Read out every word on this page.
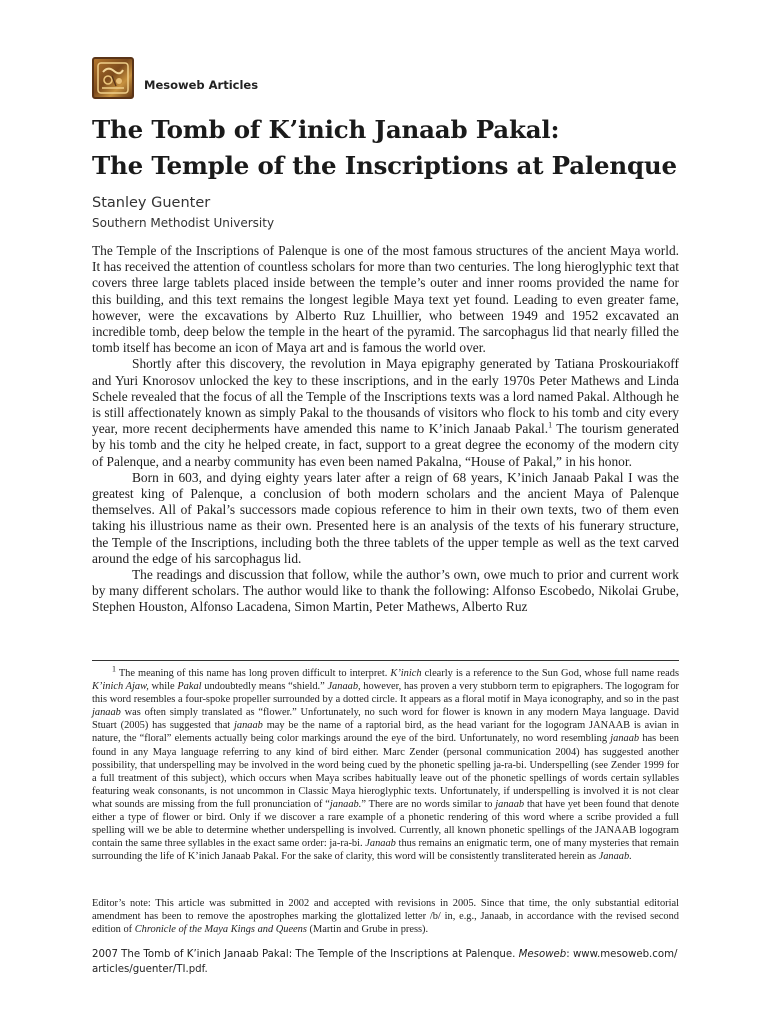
Mesoweb Articles
The Tomb of K’inich Janaab Pakal:
The Temple of the Inscriptions at Palenque
Stanley Guenter
Southern Methodist University

The Temple of the Inscriptions of Palenque is one of the most famous structures of the ancient Maya world. It has received the attention of countless scholars for more than two centuries. The long hieroglyphic text that covers three large tablets placed inside between the temple’s outer and inner rooms provided the name for this building, and this text remains the longest legible Maya text yet found. Leading to even greater fame, however, were the excavations by Alberto Ruz Lhuillier, who between 1949 and 1952 excavated an incredible tomb, deep below the temple in the heart of the pyramid. The sarcophagus lid that nearly filled the tomb itself has become an icon of Maya art and is famous the world over.

Shortly after this discovery, the revolution in Maya epigraphy generated by Tatiana Proskouriakoff and Yuri Knorosov unlocked the key to these inscriptions, and in the early 1970s Peter Mathews and Linda Schele revealed that the focus of all the Temple of the Inscriptions texts was a lord named Pakal. Although he is still affectionately known as simply Pakal to the thousands of visitors who flock to his tomb and city every year, more recent decipherments have amended this name to K’inich Janaab Pakal.$^1$ The tourism generated by his tomb and the city he helped create, in fact, support to a great degree the economy of the modern city of Palenque, and a nearby community has even been named Pakalna, “House of Pakal,” in his honor.

Born in 603, and dying eighty years later after a reign of 68 years, K’inich Janaab Pakal I was the greatest king of Palenque, a conclusion of both modern scholars and the ancient Maya of Palenque themselves. All of Pakal’s successors made copious reference to him in their own texts, two of them even taking his illustrious name as their own. Presented here is an analysis of the texts of his funerary structure, the Temple of the Inscriptions, including both the three tablets of the upper temple as well as the text carved around the edge of his sarcophagus lid.

The readings and discussion that follow, while the author’s own, owe much to prior and current work by many different scholars. The author would like to thank the following: Alfonso Escobedo, Nikolai Grube, Stephen Houston, Alfonso Lacadena, Simon Martin, Peter Mathews, Alberto Ruz

$^1$ The meaning of this name has long proven difficult to interpret. K’inich clearly is a reference to the Sun God, whose full name reads K’inich Ajaw, while Pakal undoubtedly means “shield.” Janaab, however, has proven a very stubborn term to epigraphers. The logogram for this word resembles a four-spoke propeller surrounded by a dotted circle. It appears as a floral motif in Maya iconography, and so in the past janaab was often simply translated as “flower.” Unfortunately, no such word for flower is known in any modern Maya language. David Stuart (2005) has suggested that janaab may be the name of a raptorial bird, as the head variant for the logogram JANAAB is avian in nature, the “floral” elements actually being color markings around the eye of the bird. Unfortunately, no word resembling janaab has been found in any Maya language referring to any kind of bird either. Marc Zender (personal communication 2004) has suggested another possibility, that underspelling may be involved in the word being cued by the phonetic spelling ja-ra-bi. Underspelling (see Zender 1999 for a full treatment of this subject), which occurs when Maya scribes habitually leave out of the phonetic spellings of words certain syllables featuring weak consonants, is not uncommon in Classic Maya hieroglyphic texts. Unfortunately, if underspelling is involved it is not clear what sounds are missing from the full pronunciation of “janaab.” There are no words similar to janaab that have yet been found that denote either a type of flower or bird. Only if we discover a rare example of a phonetic rendering of this word where a scribe provided a full spelling will we be able to determine whether underspelling is involved. Currently, all known phonetic spellings of the JANAAB logogram contain the same three syllables in the exact same order: ja-ra-bi. Janaab thus remains an enigmatic term, one of many mysteries that remain surrounding the life of K’inich Janaab Pakal. For the sake of clarity, this word will be consistently transliterated herein as Janaab.

Editor’s note: This article was submitted in 2002 and accepted with revisions in 2005. Since that time, the only substantial editorial amendment has been to remove the apostrophes marking the glottalized letter /b/ in, e.g., Janaab, in accordance with the revised second edition of Chronicle of the Maya Kings and Queens (Martin and Grube in press).

2007 The Tomb of K’inich Janaab Pakal: The Temple of the Inscriptions at Palenque. Mesoweb: www.mesoweb.com/ articles/guenter/TI.pdf.
